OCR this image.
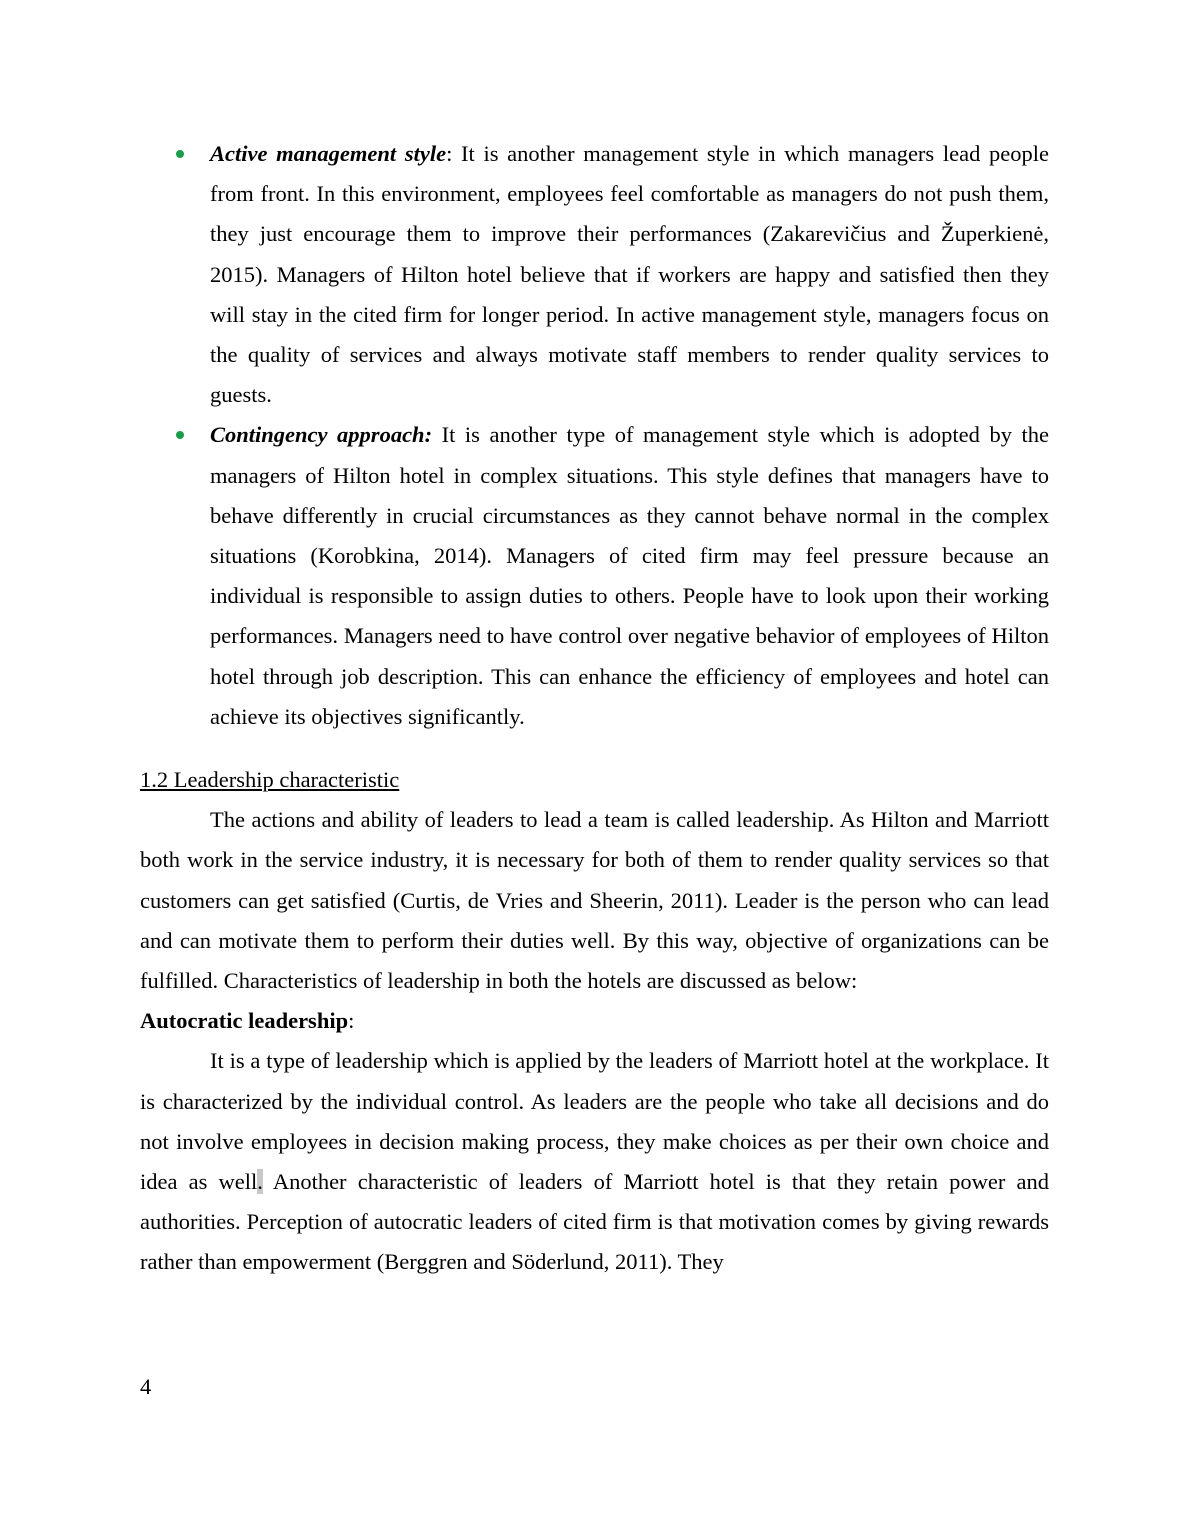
Active management style: It is another management style in which managers lead people from front. In this environment, employees feel comfortable as managers do not push them, they just encourage them to improve their performances (Zakarevičius and Župerkienė, 2015). Managers of Hilton hotel believe that if workers are happy and satisfied then they will stay in the cited firm for longer period. In active management style, managers focus on the quality of services and always motivate staff members to render quality services to guests.
Contingency approach: It is another type of management style which is adopted by the managers of Hilton hotel in complex situations. This style defines that managers have to behave differently in crucial circumstances as they cannot behave normal in the complex situations (Korobkina, 2014). Managers of cited firm may feel pressure because an individual is responsible to assign duties to others. People have to look upon their working performances. Managers need to have control over negative behavior of employees of Hilton hotel through job description. This can enhance the efficiency of employees and hotel can achieve its objectives significantly.

1.2 Leadership characteristic

The actions and ability of leaders to lead a team is called leadership. As Hilton and Marriott both work in the service industry, it is necessary for both of them to render quality services so that customers can get satisfied (Curtis, de Vries and Sheerin, 2011). Leader is the person who can lead and can motivate them to perform their duties well. By this way, objective of organizations can be fulfilled. Characteristics of leadership in both the hotels are discussed as below:

Autocratic leadership:

It is a type of leadership which is applied by the leaders of Marriott hotel at the workplace. It is characterized by the individual control. As leaders are the people who take all decisions and do not involve employees in decision making process, they make choices as per their own choice and idea as well. Another characteristic of leaders of Marriott hotel is that they retain power and authorities. Perception of autocratic leaders of cited firm is that motivation comes by giving rewards rather than empowerment (Berggren and Söderlund, 2011). They

4
